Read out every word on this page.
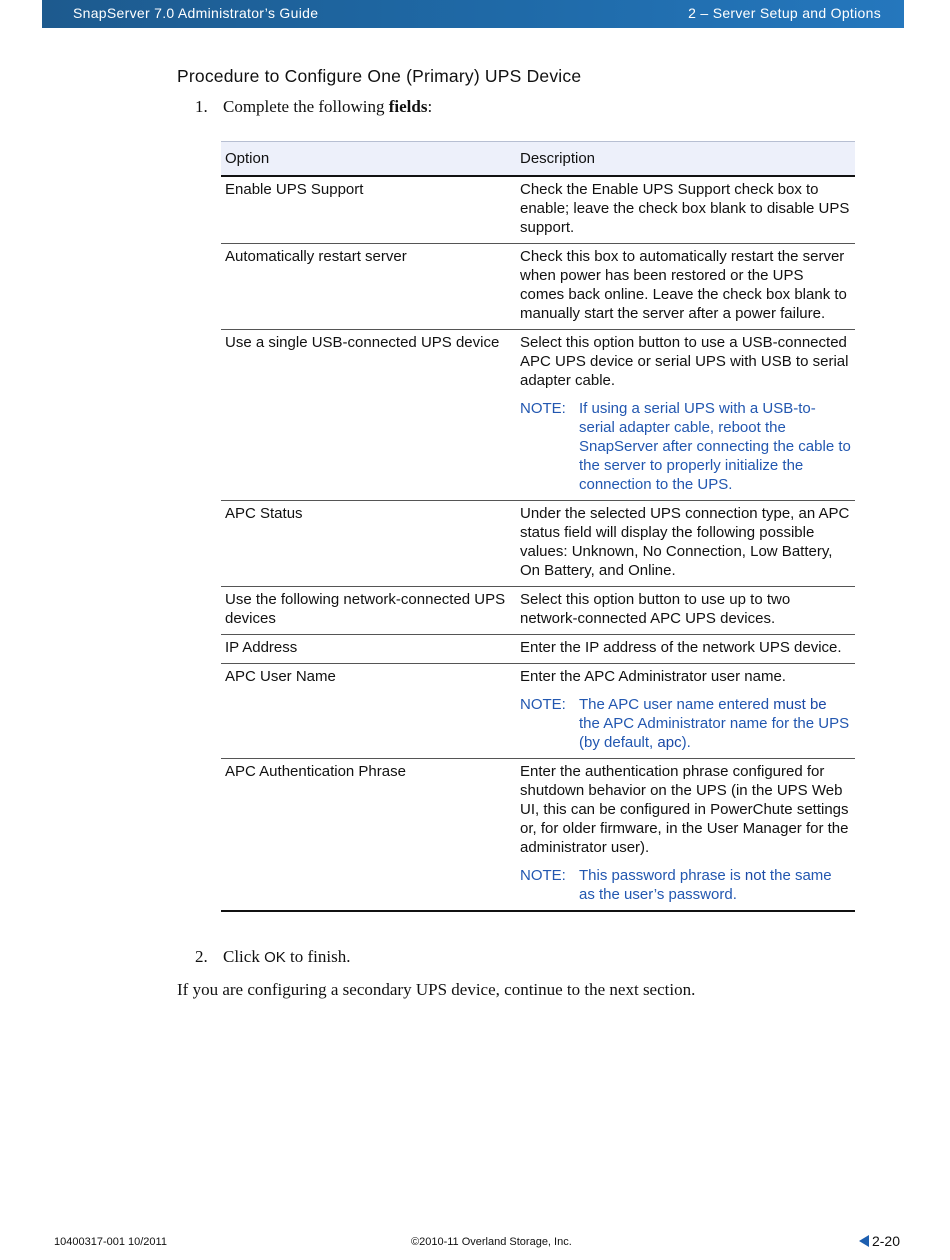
SnapServer 7.0 Administrator’s Guide	2 – Server Setup and Options
Procedure to Configure One (Primary) UPS Device
1. Complete the following fields:
Option	Description
Enable UPS Support	Check the Enable UPS Support check box to enable; leave the check box blank to disable UPS support.
Automatically restart server	Check this box to automatically restart the server when power has been restored or the UPS comes back online. Leave the check box blank to manually start the server after a power failure.
Use a single USB-connected UPS device	Select this option button to use a USB-connected APC UPS device or serial UPS with USB to serial adapter cable.

NOTE: If using a serial UPS with a USB-to-serial adapter cable, reboot the SnapServer after connecting the cable to the server to properly initialize the connection to the UPS.

APC Status	Under the selected UPS connection type, an APC status field will display the following possible values: Unknown, No Connection, Low Battery, On Battery, and Online.
Use the following network-connected UPS devices	Select this option button to use up to two network-connected APC UPS devices.
IP Address	Enter the IP address of the network UPS device.
APC User Name	Enter the APC Administrator user name.

NOTE: The APC user name entered must be the APC Administrator name for the UPS (by default, apc).

APC Authentication Phrase	Enter the authentication phrase configured for shutdown behavior on the UPS (in the UPS Web UI, this can be configured in PowerChute settings or, for older firmware, in the User Manager for the administrator user).

NOTE: This password phrase is not the same as the user’s password.
2. Click OK to finish.
If you are configuring a secondary UPS device, continue to the next section.
10400317-001 10/2011	©2010-11 Overland Storage, Inc.	2-20
